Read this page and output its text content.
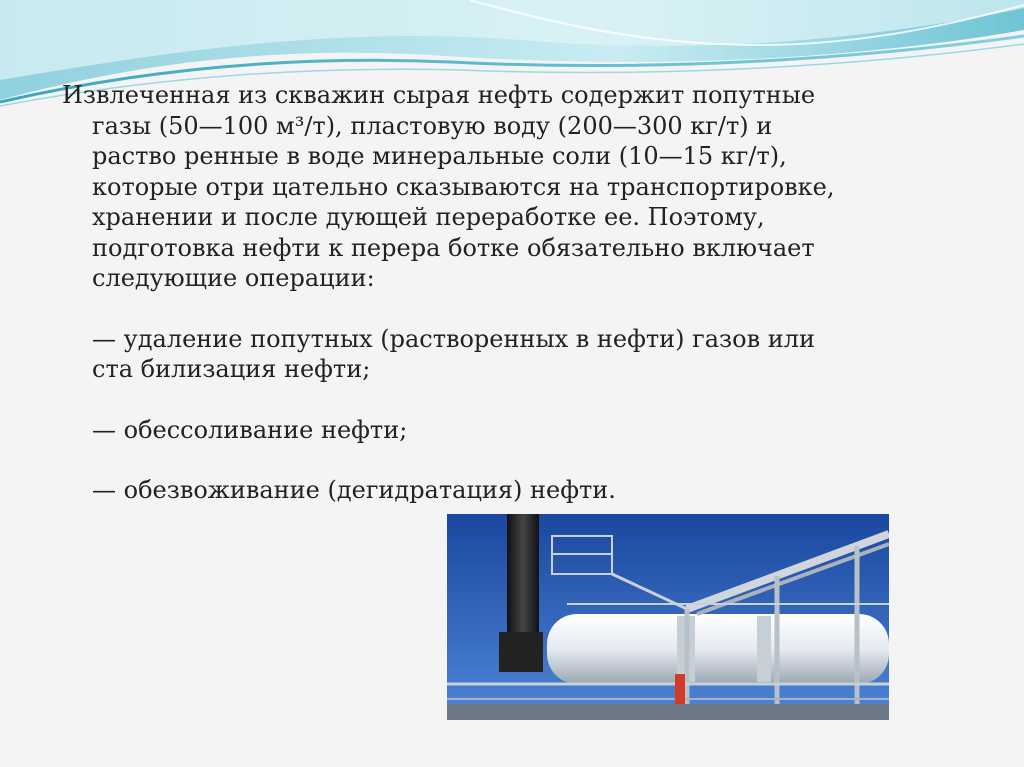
Извлеченная из скважин сырая нефть содержит попутные газы (50—100 м³/т), пластовую воду (200—300 кг/т) и раство ренные в воде минеральные соли (10—15 кг/т), которые отри цательно сказываются на транспортировке, хранении и после дующей переработке ее. Поэтому, подготовка нефти к перера ботке обязательно включает следующие операции:

— удаление попутных (растворенных в нефти) газов или ста билизация нефти;

— обессоливание нефти;

— обезвоживание (дегидратация) нефти.
